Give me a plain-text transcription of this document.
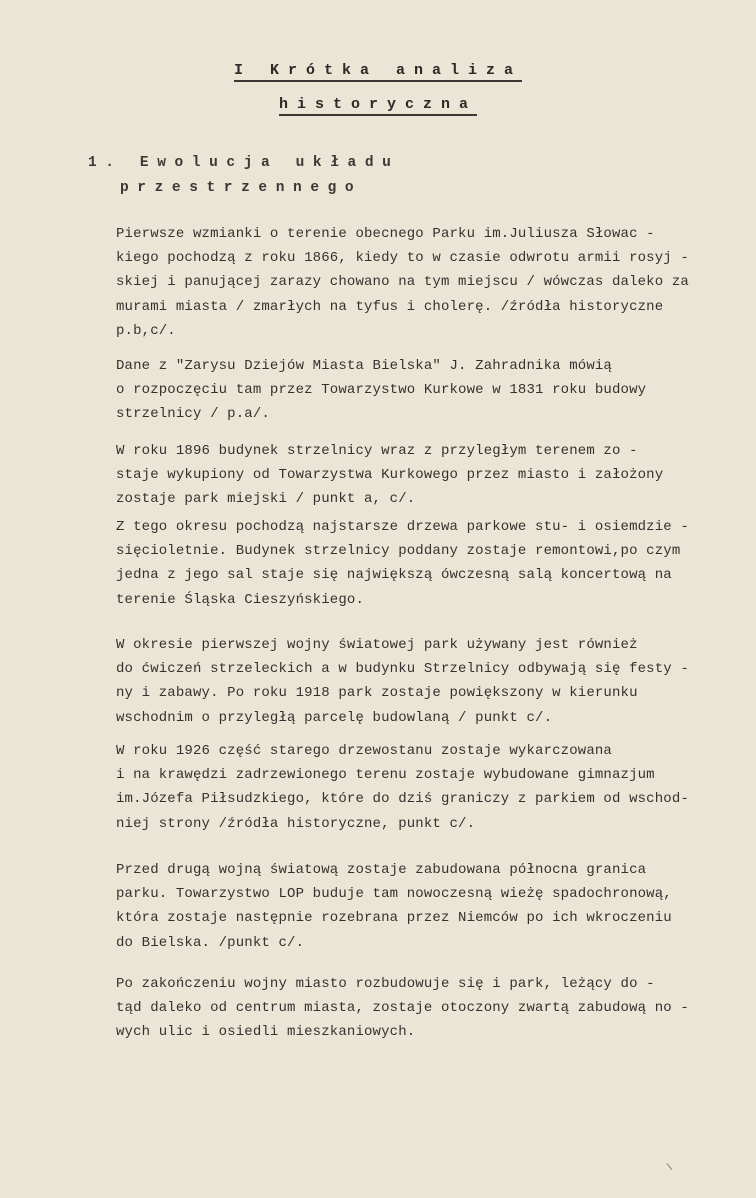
I Krótka analiza
historyczna
1. Ewolucja układu
przestrzennego

Pierwsze wzmianki o terenie obecnego Parku im.Juliusza Słowac -
kiego pochodzą z roku 1866, kiedy to w czasie odwrotu armii rosyj -
skiej i panującej zarazy chowano na tym miejscu / wówczas daleko za
murami miasta / zmarłych na tyfus i cholerę. /źródła historyczne
p.b,c/.

Dane z "Zarysu Dziejów Miasta Bielska" J. Zahradnika mówią
o rozpoczęciu tam przez Towarzystwo Kurkowe w 1831 roku budowy
strzelnicy / p.a/.

W roku 1896 budynek strzelnicy wraz z przyległym terenem zo -
staje wykupiony od Towarzystwa Kurkowego przez miasto i założony
zostaje park miejski / punkt a, c/.

Z tego okresu pochodzą najstarsze drzewa parkowe stu- i osiemdzie -
sięcioletnie. Budynek strzelnicy poddany zostaje remontowi,po czym
jedna z jego sal staje się największą ówczesną salą koncertową na
terenie Śląska Cieszyńskiego.

W okresie pierwszej wojny światowej park używany jest również
do ćwiczeń strzeleckich a w budynku Strzelnicy odbywają się festy -
ny i zabawy. Po roku 1918 park zostaje powiększony w kierunku
wschodnim o przyległą parcelę budowlaną / punkt c/.

W roku 1926 część starego drzewostanu zostaje wykarczowana
i na krawędzi zadrzewionego terenu zostaje wybudowane gimnazjum
im.Józefa Piłsudzkiego, które do dziś graniczy z parkiem od wschod-
niej strony /źródła historyczne, punkt c/.

Przed drugą wojną światową zostaje zabudowana północna granica
parku. Towarzystwo LOP buduje tam nowoczesną wieżę spadochronową,
która zostaje następnie rozebrana przez Niemców po ich wkroczeniu
do Bielska. /punkt c/.

Po zakończeniu wojny miasto rozbudowuje się i park, leżący do -
tąd daleko od centrum miasta, zostaje otoczony zwartą zabudową no -
wych ulic i osiedli mieszkaniowych.
